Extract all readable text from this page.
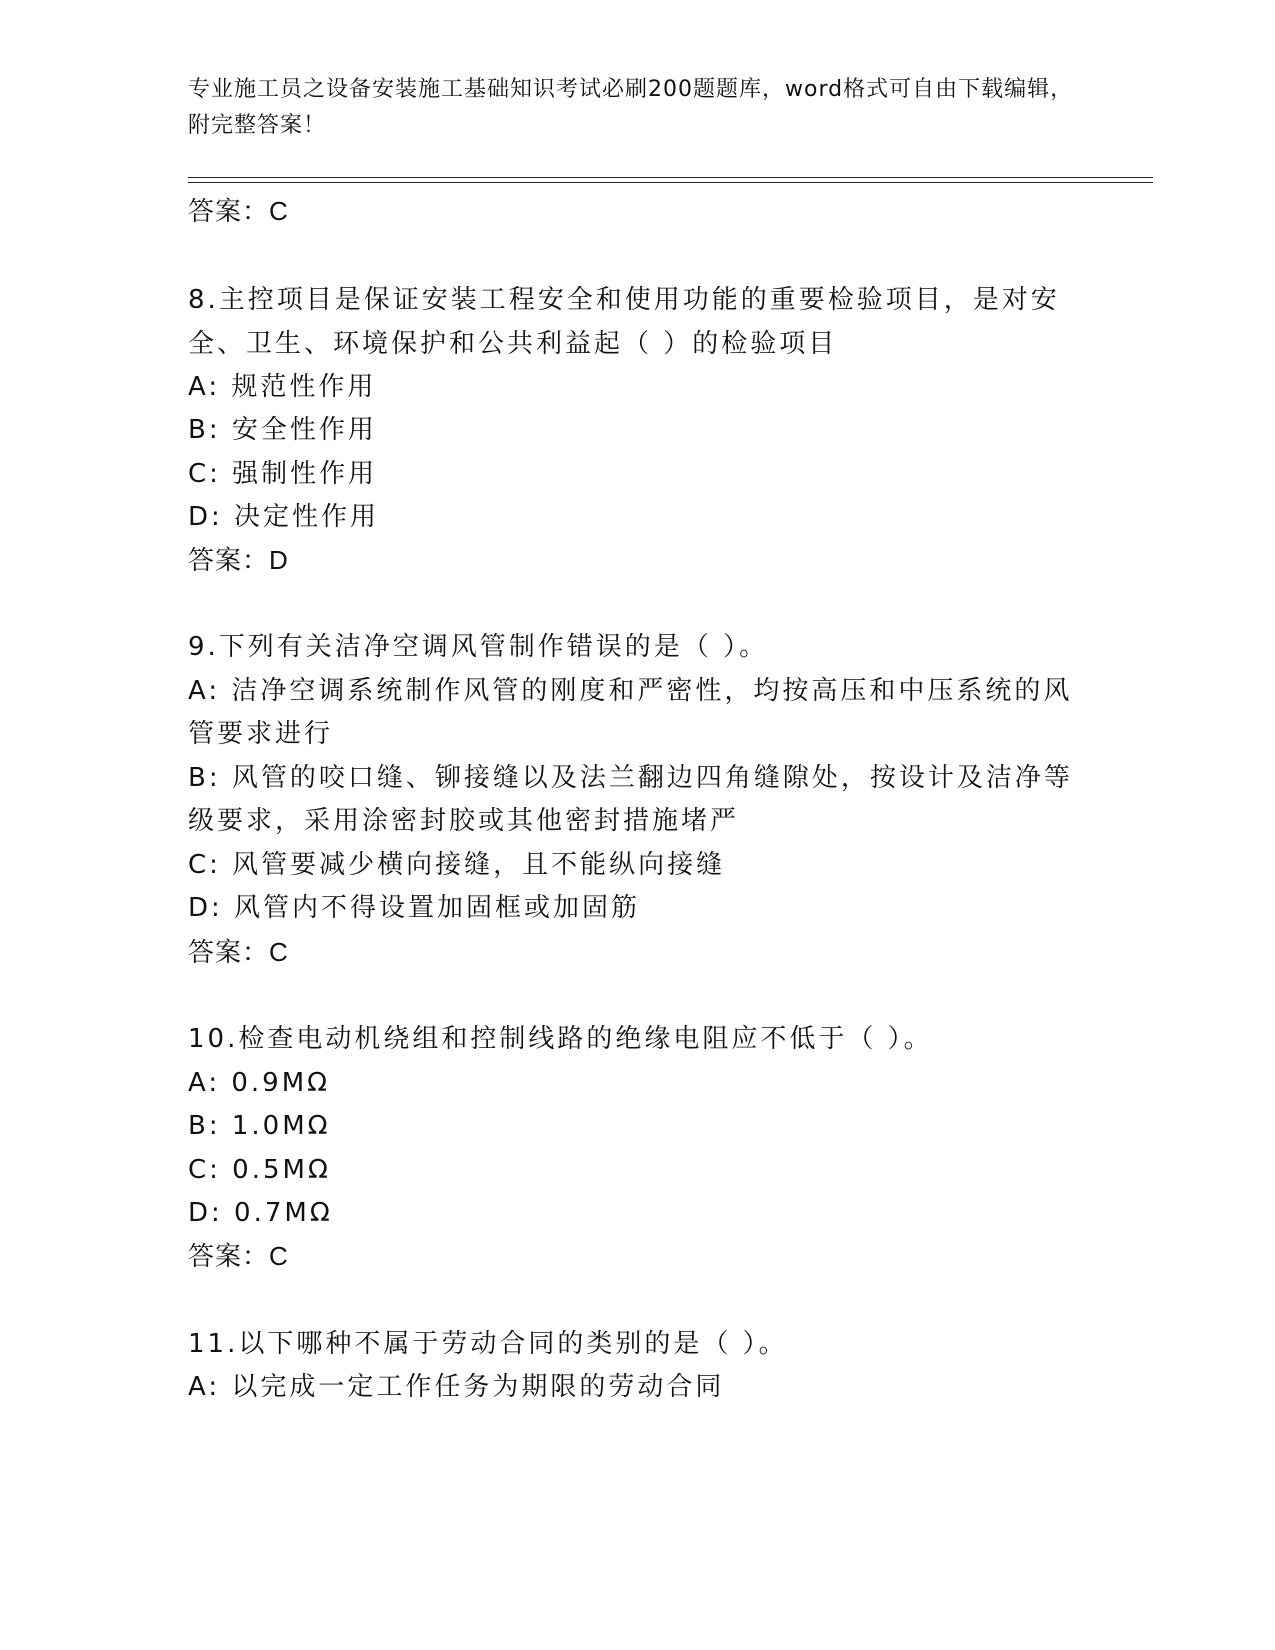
专业施工员之设备安装施工基础知识考试必刷200题题库，word格式可自由下载编辑，附完整答案！
答案：C
8.主控项目是保证安装工程安全和使用功能的重要检验项目，是对安
全、卫生、环境保护和公共利益起（ ）的检验项目
A: 规范性作用
B: 安全性作用
C: 强制性作用
D: 决定性作用
答案：D
9.下列有关洁净空调风管制作错误的是（ ）。
A: 洁净空调系统制作风管的刚度和严密性，均按高压和中压系统的风
管要求进行
B: 风管的咬口缝、铆接缝以及法兰翻边四角缝隙处，按设计及洁净等
级要求，采用涂密封胶或其他密封措施堵严
C: 风管要减少横向接缝，且不能纵向接缝
D: 风管内不得设置加固框或加固筋
答案：C
10.检查电动机绕组和控制线路的绝缘电阻应不低于（ ）。
A: 0.9MΩ
B: 1.0MΩ
C: 0.5MΩ
D: 0.7MΩ
答案：C
11.以下哪种不属于劳动合同的类别的是（ ）。
A: 以完成一定工作任务为期限的劳动合同
